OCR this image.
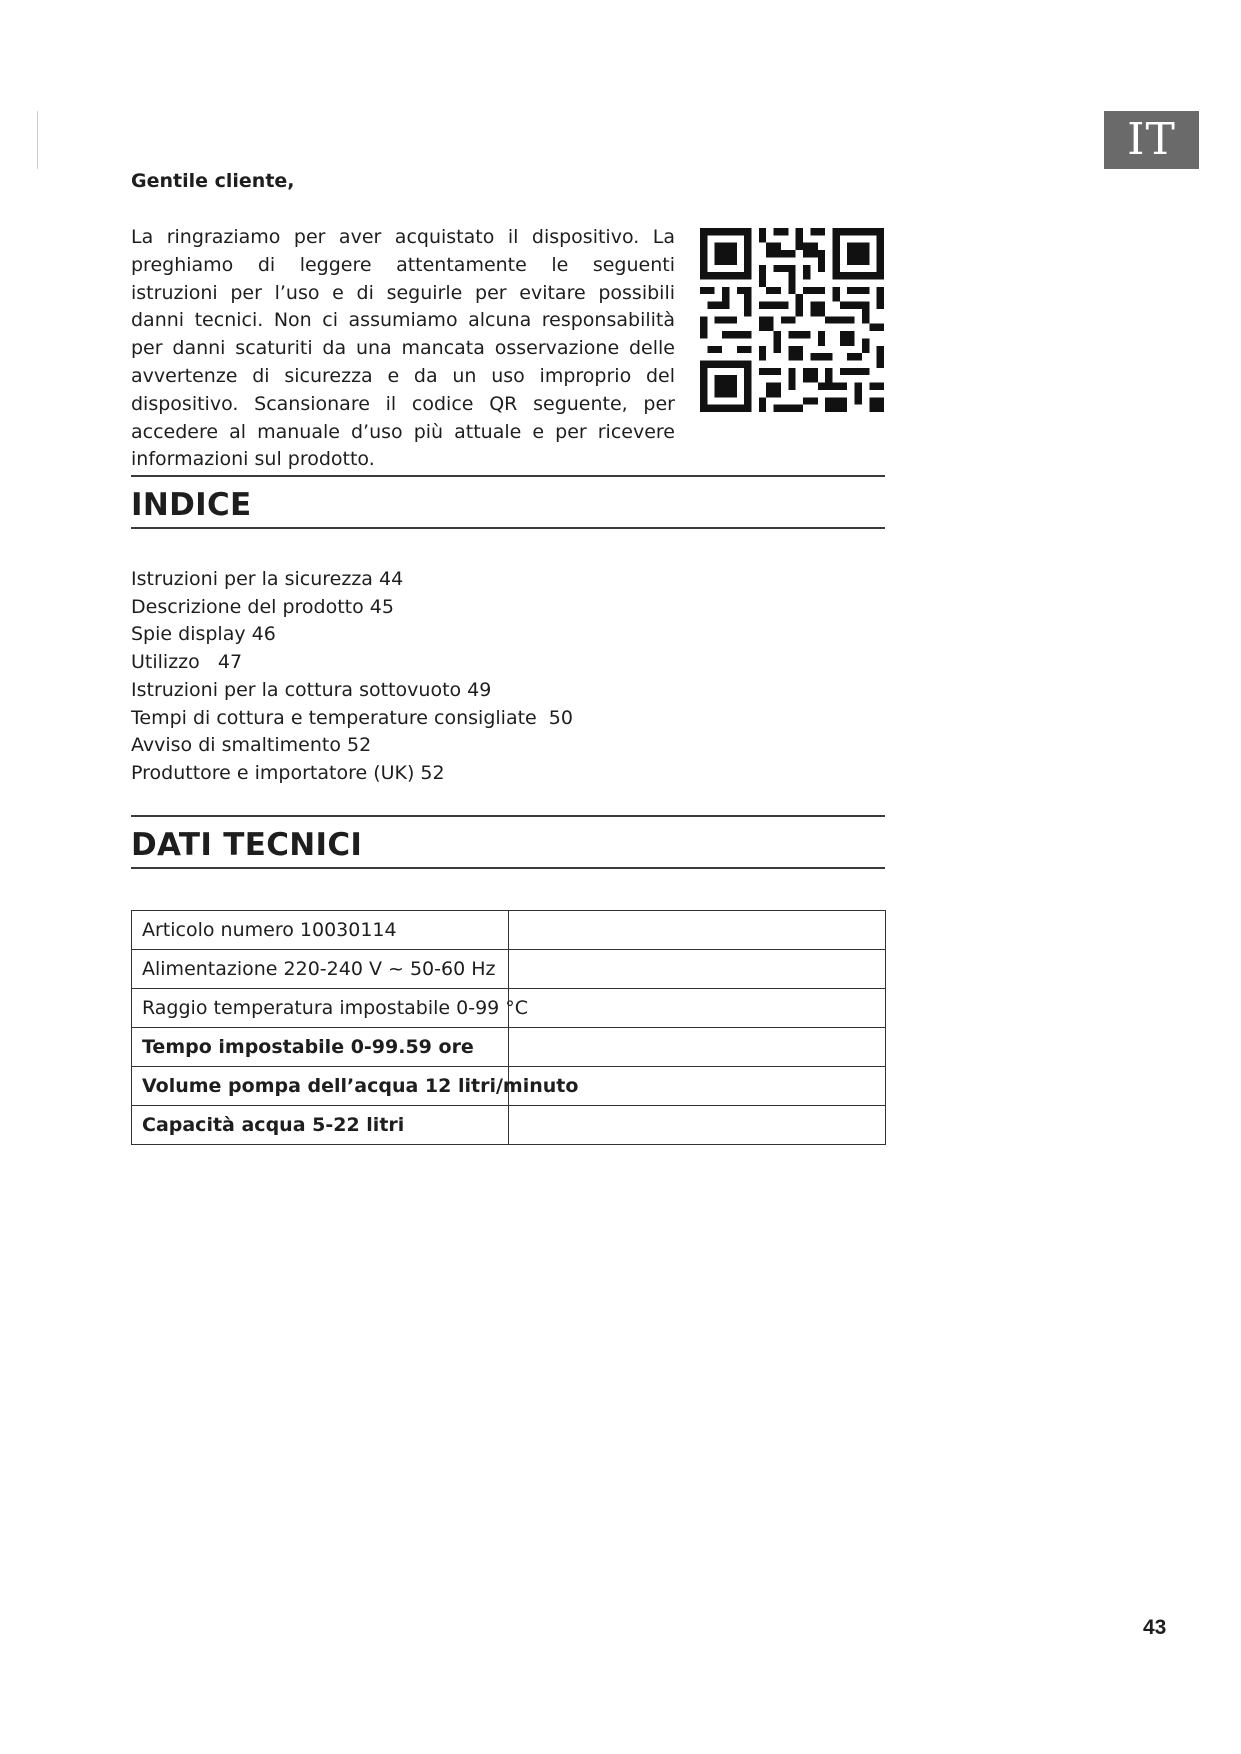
IT
Gentile cliente,

La ringraziamo per aver acquistato il dispositivo. La preghiamo di leggere attentamente le seguenti istruzioni per l’uso e di seguirle per evitare possibili danni tecnici. Non ci assumiamo alcuna responsabilità per danni scaturiti da una mancata osservazione delle avvertenze di sicurezza e da un uso improprio del dispositivo. Scansionare il codice QR seguente, per accedere al manuale d’uso più attuale e per ricevere informazioni sul prodotto.

INDICE
Istruzioni per la sicurezza 44
Descrizione del prodotto 45
Spie display 46
Utilizzo   47
Istruzioni per la cottura sottovuoto 49
Tempi di cottura e temperature consigliate  50
Avviso di smaltimento 52
Produttore e importatore (UK) 52
DATI TECNICI
Articolo numero 10030114	
Alimentazione 220-240 V ~ 50-60 Hz	
Raggio temperatura impostabile 0-99 °C	
Tempo impostabile 0-99.59 ore	
Volume pompa dell’acqua 12 litri/minuto	
Capacità acqua 5-22 litri	
43
